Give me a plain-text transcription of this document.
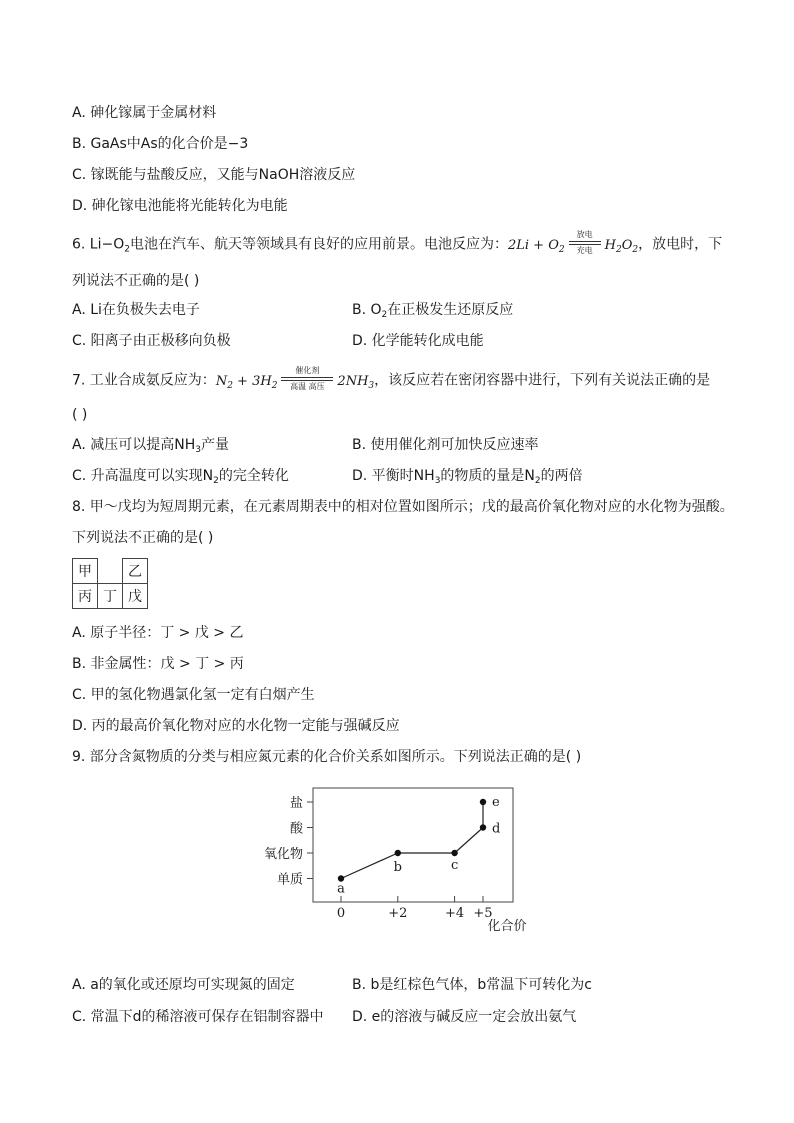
A. 砷化镓属于金属材料
B. GaAs中As的化合价是−3
C. 镓既能与盐酸反应，又能与NaOH溶液反应
D. 砷化镓电池能将光能转化为电能
6. $Li-O_2$电池在汽车、航天等领域具有良好的应用前景。电池反应为：$2Li + O_2$
放电
充电 $H_2O_2$，放电时，下
列说法不正确的是( )
A. Li在负极失去电子	B. $O_2$在正极发生还原反应
C. 阳离子由正极移向负极	D. 化学能转化成电能
7. 工业合成氨反应为：$N_2 + 3H_2$
催化剂
高温 高压 $2NH_3$，该反应若在密闭容器中进行，下列有关说法正确的是
( )
A. 减压可以提高$NH_3$产量	B. 使用催化剂可加快反应速率
C. 升高温度可以实现$N_2$的完全转化	D. 平衡时$NH_3$的物质的量是$N_2$的两倍
8. 甲～戊均为短周期元素，在元素周期表中的相对位置如图所示；戊的最高价氧化物对应的水化物为强酸。
下列说法不正确的是( )
甲		乙
丙	丁	戊
A. 原子半径：丁 > 戊 > 乙
B. 非金属性：戊 > 丁 > 丙
C. 甲的氢化物遇氯化氢一定有白烟产生
D. 丙的最高价氧化物对应的水化物一定能与强碱反应
9. 部分含氮物质的分类与相应氮元素的化合价关系如图所示。下列说法正确的是( )
单质
氧化物
酸
盐
0	+2	+4 +5
a
b	c
d
e
化合价
A. a的氧化或还原均可实现氮的固定	B. b是红棕色气体，b常温下可转化为c
C. 常温下d的稀溶液可保存在铝制容器中 D. e的溶液与碱反应一定会放出氨气
